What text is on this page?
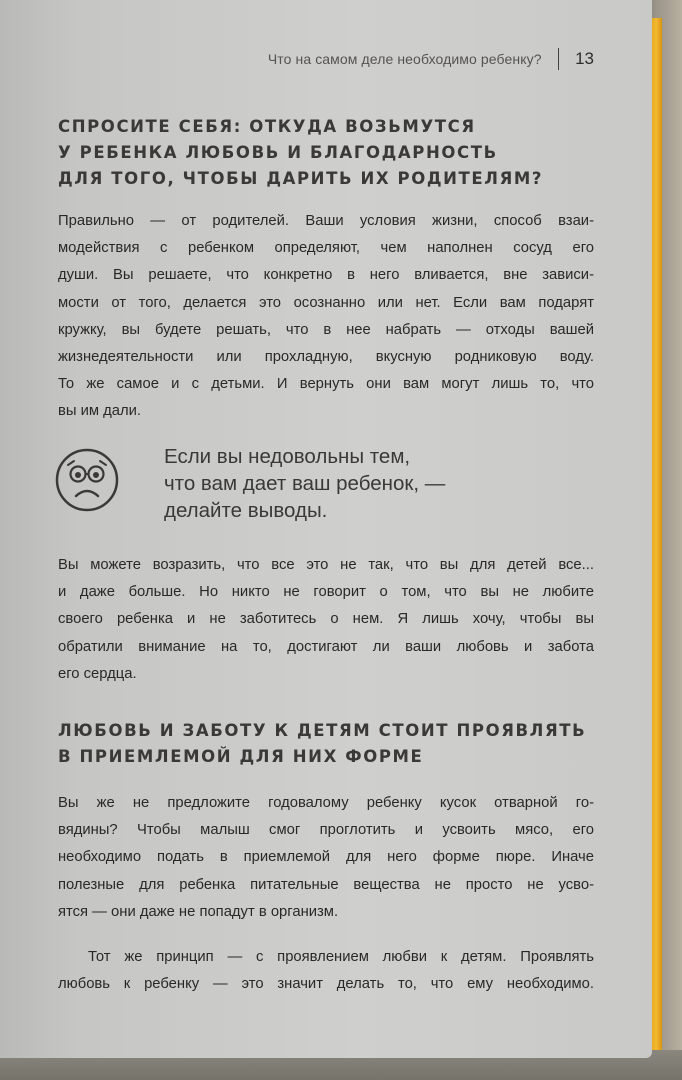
Что на самом деле необходимо ребенку? 13
СПРОСИТЕ СЕБЯ: ОТКУДА ВОЗЬМУТСЯ
У РЕБЕНКА ЛЮБОВЬ И БЛАГОДАРНОСТЬ
ДЛЯ ТОГО, ЧТОБЫ ДАРИТЬ ИХ РОДИТЕЛЯМ?
Правильно — от родителей. Ваши условия жизни, способ взаи-
модействия с ребенком определяют, чем наполнен сосуд его
души. Вы решаете, что конкретно в него вливается, вне зависи-
мости от того, делается это осознанно или нет. Если вам подарят
кружку, вы будете решать, что в нее набрать — отходы вашей
жизнедеятельности или прохладную, вкусную родниковую воду.
То же самое и с детьми. И вернуть они вам могут лишь то, что
вы им дали.
Если вы недовольны тем,
что вам дает ваш ребенок, —
делайте выводы.
Вы можете возразить, что все это не так, что вы для детей все...
и даже больше. Но никто не говорит о том, что вы не любите
своего ребенка и не заботитесь о нем. Я лишь хочу, чтобы вы
обратили внимание на то, достигают ли ваши любовь и забота
его сердца.
ЛЮБОВЬ И ЗАБОТУ К ДЕТЯМ СТОИТ ПРОЯВЛЯТЬ
В ПРИЕМЛЕМОЙ ДЛЯ НИХ ФОРМЕ
Вы же не предложите годовалому ребенку кусок отварной го-
вядины? Чтобы малыш смог проглотить и усвоить мясо, его
необходимо подать в приемлемой для него форме пюре. Иначе
полезные для ребенка питательные вещества не просто не усво-
ятся — они даже не попадут в организм.
Тот же принцип — с проявлением любви к детям. Проявлять
любовь к ребенку — это значит делать то, что ему необходимо.
